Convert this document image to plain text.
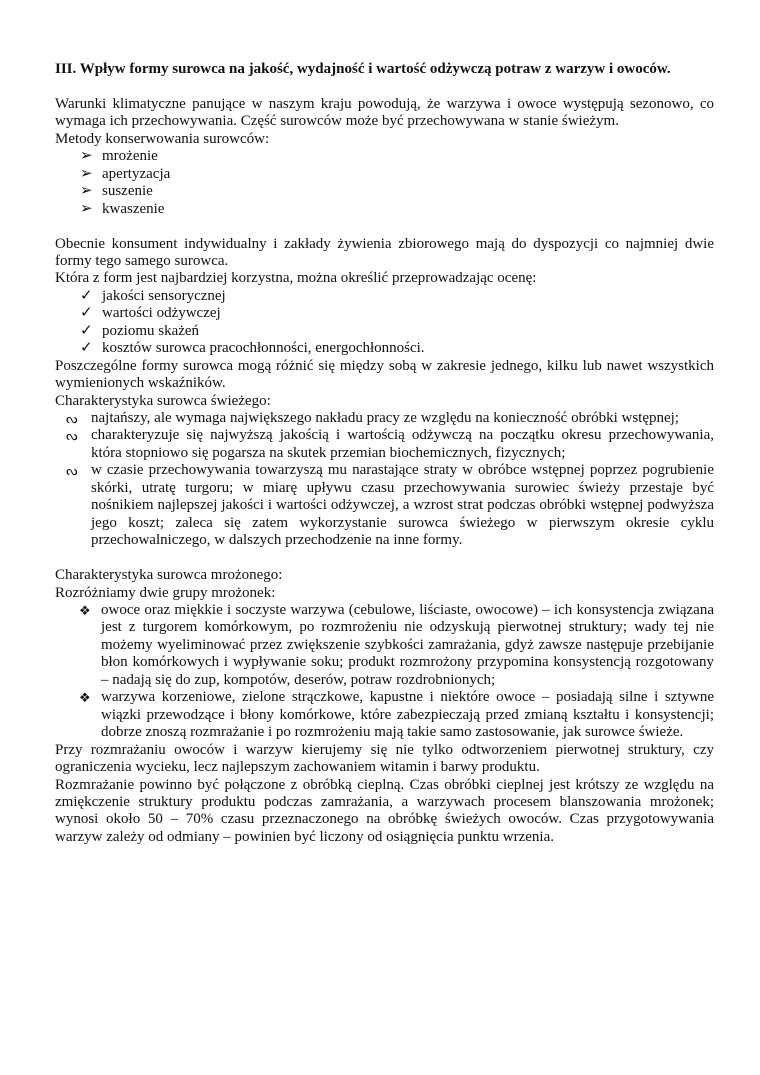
III. Wpływ formy surowca na jakość, wydajność i wartość odżywczą potraw z warzyw i owoców.

Warunki klimatyczne panujące w naszym kraju powodują, że warzywa i owoce występują sezonowo, co wymaga ich przechowywania. Część surowców może być przechowywana w stanie świeżym.

Metody konserwowania surowców:

➢ mrożenie
➢ apertyzacja
➢ suszenie
➢ kwaszenie

Obecnie konsument indywidualny i zakłady żywienia zbiorowego mają do dyspozycji co najmniej dwie formy tego samego surowca.

Która z form jest najbardziej korzystna, można określić przeprowadzając ocenę:

✓ jakości sensorycznej
✓ wartości odżywczej
✓ poziomu skażeń
✓ kosztów surowca pracochłonności, energochłonności.

Poszczególne formy surowca mogą różnić się między sobą w zakresie jednego, kilku lub nawet wszystkich wymienionych wskaźników.

Charakterystyka surowca świeżego:

ᔓ najtańszy, ale wymaga największego nakładu pracy ze względu na konieczność obróbki wstępnej;
ᔓ charakteryzuje się najwyższą jakością i wartością odżywczą na początku okresu przechowywania, która stopniowo się pogarsza na skutek przemian biochemicznych, fizycznych;
ᔓ w czasie przechowywania towarzyszą mu narastające straty w obróbce wstępnej poprzez pogrubienie skórki, utratę turgoru; w miarę upływu czasu przechowywania surowiec świeży przestaje być nośnikiem najlepszej jakości i wartości odżywczej, a wzrost strat podczas obróbki wstępnej podwyższa jego koszt; zaleca się zatem wykorzystanie surowca świeżego w pierwszym okresie cyklu przechowalniczego, w dalszych przechodzenie na inne formy.

Charakterystyka surowca mrożonego:

Rozróżniamy dwie grupy mrożonek:

❖ owoce oraz miękkie i soczyste warzywa (cebulowe, liściaste, owocowe) – ich konsystencja związana jest z turgorem komórkowym, po rozmrożeniu nie odzyskują pierwotnej struktury; wady tej nie możemy wyeliminować przez zwiększenie szybkości zamrażania, gdyż zawsze następuje przebijanie błon komórkowych i wypływanie soku; produkt rozmrożony przypomina konsystencją rozgotowany – nadają się do zup, kompotów, deserów, potraw rozdrobnionych;
❖ warzywa korzeniowe, zielone strączkowe, kapustne i niektóre owoce – posiadają silne i sztywne wiązki przewodzące i błony komórkowe, które zabezpieczają przed zmianą kształtu i konsystencji; dobrze znoszą rozmrażanie i po rozmrożeniu mają takie samo zastosowanie, jak surowce świeże.

Przy rozmrażaniu owoców i warzyw kierujemy się nie tylko odtworzeniem pierwotnej struktury, czy ograniczenia wycieku, lecz najlepszym zachowaniem witamin i barwy produktu.

Rozmrażanie powinno być połączone z obróbką cieplną. Czas obróbki cieplnej jest krótszy ze względu na zmiękczenie struktury produktu podczas zamrażania, a warzywach procesem blanszowania mrożonek; wynosi około 50 – 70% czasu przeznaczonego na obróbkę świeżych owoców. Czas przygotowywania warzyw zależy od odmiany – powinien być liczony od osiągnięcia punktu wrzenia.
